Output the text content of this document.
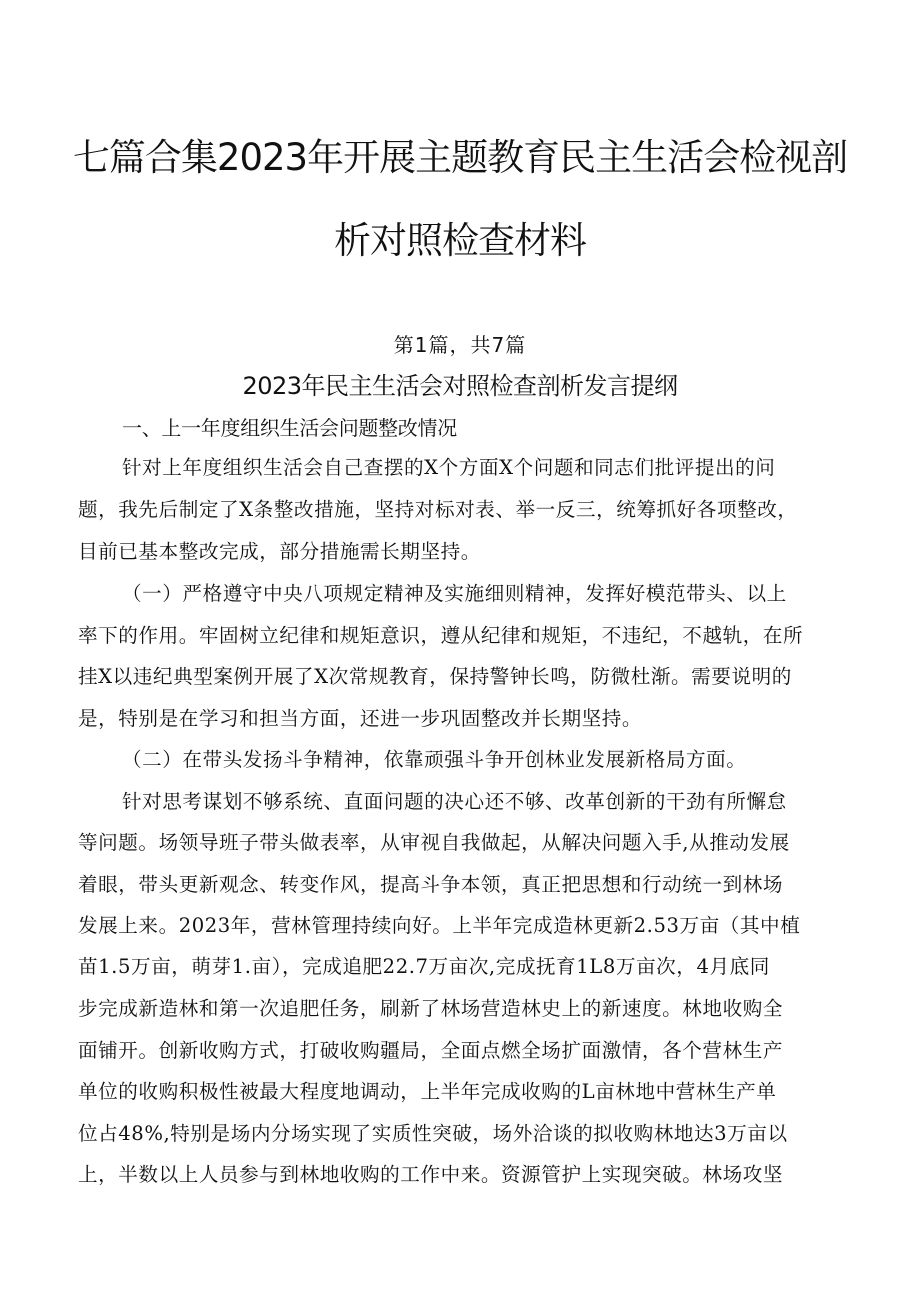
七篇合集2023年开展主题教育民主生活会检视剖
析对照检查材料
第1篇，共7篇
2023年民主生活会对照检查剖析发言提纲
一、上一年度组织生活会问题整改情况
针对上年度组织生活会自己查摆的X个方面X个问题和同志们批评提出的问
题，我先后制定了X条整改措施，坚持对标对表、举一反三，统筹抓好各项整改，
目前已基本整改完成，部分措施需长期坚持。
（一）严格遵守中央八项规定精神及实施细则精神，发挥好模范带头、以上
率下的作用。牢固树立纪律和规矩意识，遵从纪律和规矩，不违纪，不越轨，在所
挂X以违纪典型案例开展了X次常规教育，保持警钟长鸣，防微杜渐。需要说明的
是，特别是在学习和担当方面，还进一步巩固整改并长期坚持。
（二）在带头发扬斗争精神，依靠顽强斗争开创林业发展新格局方面。
针对思考谋划不够系统、直面问题的决心还不够、改革创新的干劲有所懈怠
等问题。场领导班子带头做表率，从审视自我做起，从解决问题入手,从推动发展
着眼，带头更新观念、转变作风，提高斗争本领，真正把思想和行动统一到林场
发展上来。2023年，营林管理持续向好。上半年完成造林更新2.53万亩（其中植
苗1.5万亩，萌芽1.亩），完成追肥22.7万亩次,完成抚育1L8万亩次，4月底同
步完成新造林和第一次追肥任务，刷新了林场营造林史上的新速度。林地收购全
面铺开。创新收购方式，打破收购疆局，全面点燃全场扩面激情，各个营林生产
单位的收购积极性被最大程度地调动，上半年完成收购的L亩林地中营林生产单
位占48%,特别是场内分场实现了实质性突破，场外洽谈的拟收购林地达3万亩以
上，半数以上人员参与到林地收购的工作中来。资源管护上实现突破。林场攻坚
